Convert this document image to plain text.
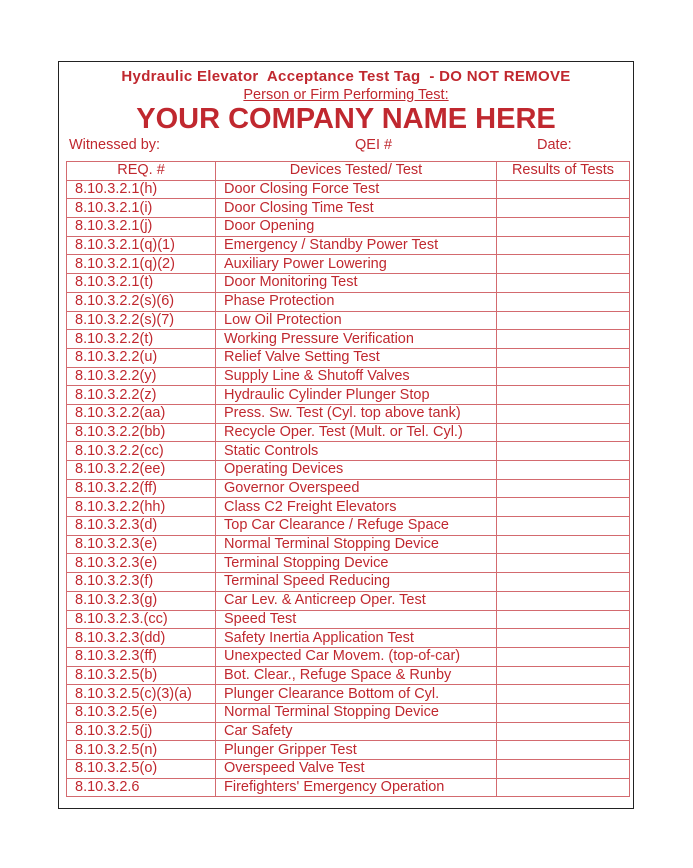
Hydraulic Elevator  Acceptance Test Tag  - DO NOT REMOVE
Person or Firm Performing Test:
YOUR COMPANY NAME HERE
Witnessed by:	QEI #	Date:
REQ. #	Devices Tested/ Test	Results of Tests
8.10.3.2.1(h)	Door Closing Force Test	
8.10.3.2.1(i)	Door Closing Time Test	
8.10.3.2.1(j)	Door Opening	
8.10.3.2.1(q)(1)	Emergency / Standby Power Test	
8.10.3.2.1(q)(2)	Auxiliary Power Lowering	
8.10.3.2.1(t)	Door Monitoring Test	
8.10.3.2.2(s)(6)	Phase Protection	
8.10.3.2.2(s)(7)	Low Oil Protection	
8.10.3.2.2(t)	Working Pressure Verification	
8.10.3.2.2(u)	Relief Valve Setting Test	
8.10.3.2.2(y)	Supply Line & Shutoff Valves	
8.10.3.2.2(z)	Hydraulic Cylinder Plunger Stop	
8.10.3.2.2(aa)	Press. Sw. Test (Cyl. top above tank)	
8.10.3.2.2(bb)	Recycle Oper. Test (Mult. or Tel. Cyl.)	
8.10.3.2.2(cc)	Static Controls	
8.10.3.2.2(ee)	Operating Devices	
8.10.3.2.2(ff)	Governor Overspeed	
8.10.3.2.2(hh)	Class C2 Freight Elevators	
8.10.3.2.3(d)	Top Car Clearance / Refuge Space	
8.10.3.2.3(e)	Normal Terminal Stopping Device	
8.10.3.2.3(e)	Terminal Stopping Device	
8.10.3.2.3(f)	Terminal Speed Reducing	
8.10.3.2.3(g)	Car Lev. & Anticreep Oper. Test	
8.10.3.2.3.(cc)	Speed Test	
8.10.3.2.3(dd)	Safety Inertia Application Test	
8.10.3.2.3(ff)	Unexpected Car Movem. (top-of-car)	
8.10.3.2.5(b)	Bot. Clear., Refuge Space & Runby	
8.10.3.2.5(c)(3)(a)	Plunger Clearance Bottom of Cyl.	
8.10.3.2.5(e)	Normal Terminal Stopping Device	
8.10.3.2.5(j)	Car Safety	
8.10.3.2.5(n)	Plunger Gripper Test	
8.10.3.2.5(o)	Overspeed Valve Test	
8.10.3.2.6	Firefighters' Emergency Operation	
